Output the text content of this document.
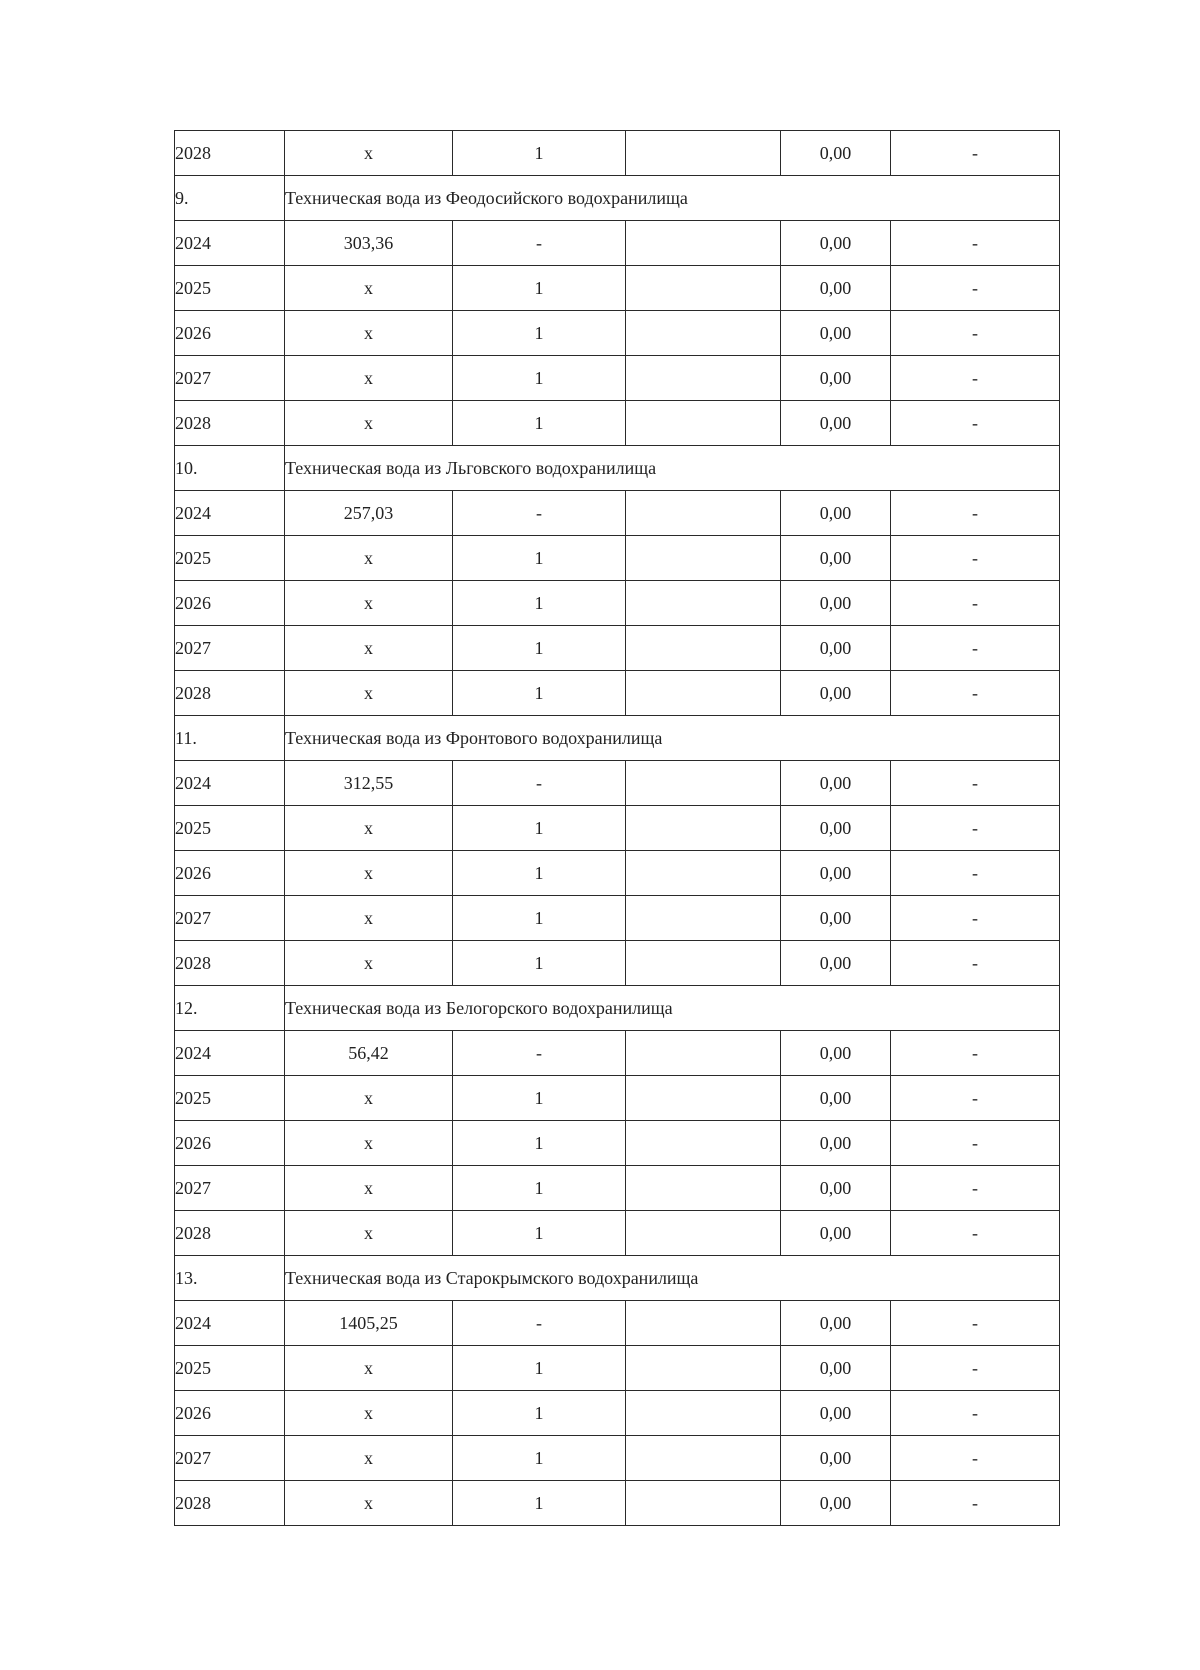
2028	х	1		0,00	-
9.	Техническая вода из Феодосийского водохранилища				
2024	303,36	-		0,00	-
2025	х	1		0,00	-
2026	х	1		0,00	-
2027	х	1		0,00	-
2028	х	1		0,00	-
10.	Техническая вода из Льговского водохранилища				
2024	257,03	-		0,00	-
2025	х	1		0,00	-
2026	х	1		0,00	-
2027	х	1		0,00	-
2028	х	1		0,00	-
11.	Техническая вода из Фронтового водохранилища				
2024	312,55	-		0,00	-
2025	х	1		0,00	-
2026	х	1		0,00	-
2027	х	1		0,00	-
2028	х	1		0,00	-
12.	Техническая вода из Белогорского водохранилища				
2024	56,42	-		0,00	-
2025	х	1		0,00	-
2026	х	1		0,00	-
2027	х	1		0,00	-
2028	х	1		0,00	-
13.	Техническая вода из Старокрымского водохранилища				
2024	1405,25	-		0,00	-
2025	х	1		0,00	-
2026	х	1		0,00	-
2027	х	1		0,00	-
2028	х	1		0,00	-
